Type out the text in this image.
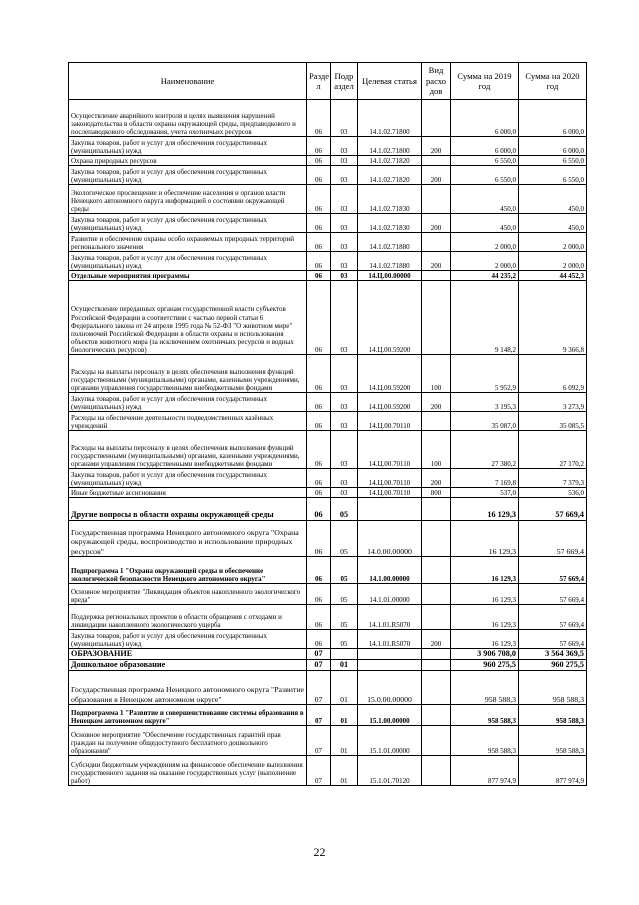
Наименование	Разде л	Подр аздел	Целевая статья	Вид расхо дов	Сумма на 2019 год	Сумма на 2020 год
Осуществление аварийного контроля в целях выявления нарушений законодательства в области охраны окружающей среды, предпаводкового и послепаводкового обследования, учета охотничьих ресурсов	06	03	14.1.02.71800		6 000,0	6 000,0
Закупка товаров, работ и услуг для обеспечения государственных (муниципальных) нужд	06	03	14.1.02.71800	200	6 000,0	6 000,0
Охрана природных ресурсов	06	03	14.1.02.71820		6 550,0	6 550,0
Закупка товаров, работ и услуг для обеспечения государственных (муниципальных) нужд	06	03	14.1.02.71820	200	6 550,0	6 550,0
Экологическое просвещение и обеспечение населения и органов власти Ненецкого автономного округа информацией о состоянии окружающей среды	06	03	14.1.02.71830		450,0	450,0
Закупка товаров, работ и услуг для обеспечения государственных (муниципальных) нужд	06	03	14.1.02.71830	200	450,0	450,0
Развитие и обеспечение охраны особо охраняемых природных территорий регионального значения	06	03	14.1.02.71880		2 000,0	2 000,0
Закупка товаров, работ и услуг для обеспечения государственных (муниципальных) нужд	06	03	14.1.02.71880	200	2 000,0	2 000,0
Отдельные мероприятия программы	06	03	14.Ц.00.00000		44 235,2	44 452,3
Осуществление переданных органам государственной власти субъектов Российской Федерации в соответствии с частью первой статьи 6 Федерального закона от 24 апреля 1995 года № 52-ФЗ "О животном мире" полномочий Российской Федерации в области охраны и использования объектов животного мира (за исключением охотничьих ресурсов и водных биологических ресурсов)	06	03	14.Ц.00.59200		9 148,2	9 366,8
Расходы на выплаты персоналу в целях обеспечения выполнения функций государственными (муниципальными) органами, казенными учреждениями, органами управления государственными внебюджетными фондами	06	03	14.Ц.00.59200	100	5 952,9	6 092,9
Закупка товаров, работ и услуг для обеспечения государственных (муниципальных) нужд	06	03	14.Ц.00.59200	200	3 195,3	3 273,9
Расходы на обеспечение деятельности подведомственных казённых учреждений	06	03	14.Ц.00.70110		35 087,0	35 085,5
Расходы на выплаты персоналу в целях обеспечения выполнения функций государственными (муниципальными) органами, казенными учреждениями, органами управления государственными внебюджетными фондами	06	03	14.Ц.00.70110	100	27 380,2	27 170,2
Закупка товаров, работ и услуг для обеспечения государственных (муниципальных) нужд	06	03	14.Ц.00.70110	200	7 169,8	7 379,3
Иные бюджетные ассигнования	06	03	14.Ц.00.70110	800	537,0	536,0
Другие вопросы в области охраны окружающей среды	06	05			16 129,3	57 669,4
Государственная программа Ненецкого автономного округа "Охрана окружающей среды, воспроизводство и использование природных ресурсов"	06	05	14.0.00.00000		16 129,3	57 669,4
Подпрограмма 1 "Охрана окружающей среды и обеспечение экологической безопасности Ненецкого автономного округа"	06	05	14.1.00.00000		16 129,3	57 669,4
Основное мероприятие "Ликвидация объектов накопленного экологического вреда"	06	05	14.1.01.00000		16 129,3	57 669,4
Поддержка региональных проектов в области обращения с отходами и ликвидации накопленного экологического ущерба	06	05	14.1.01.R5070		16 129,3	57 669,4
Закупка товаров, работ и услуг для обеспечения государственных (муниципальных) нужд	06	05	14.1.01.R5070	200	16 129,3	57 669,4
ОБРАЗОВАНИЕ	07				3 906 708,0	3 564 369,5
Дошкольное образование	07	01			960 275,5	960 275,5
Государственная программа Ненецкого автономного округа "Развитие образования в Ненецком автономном округе"	07	01	15.0.00.00000		958 588,3	958 588,3
Подпрограмма 1 "Развитие и совершенствование системы образования в Ненецком автономном округе"	07	01	15.1.00.00000		958 588,3	958 588,3
Основное мероприятие "Обеспечение государственных гарантий прав граждан на получение общедоступного бесплатного дошкольного образования"	07	01	15.1.01.00000		958 588,3	958 588,3
Субсидии бюджетным учреждениям на финансовое обеспечение выполнения государственного задания на оказание государственных услуг (выполнение работ)	07	01	15.1.01.70120		877 974,9	877 974,9
22
